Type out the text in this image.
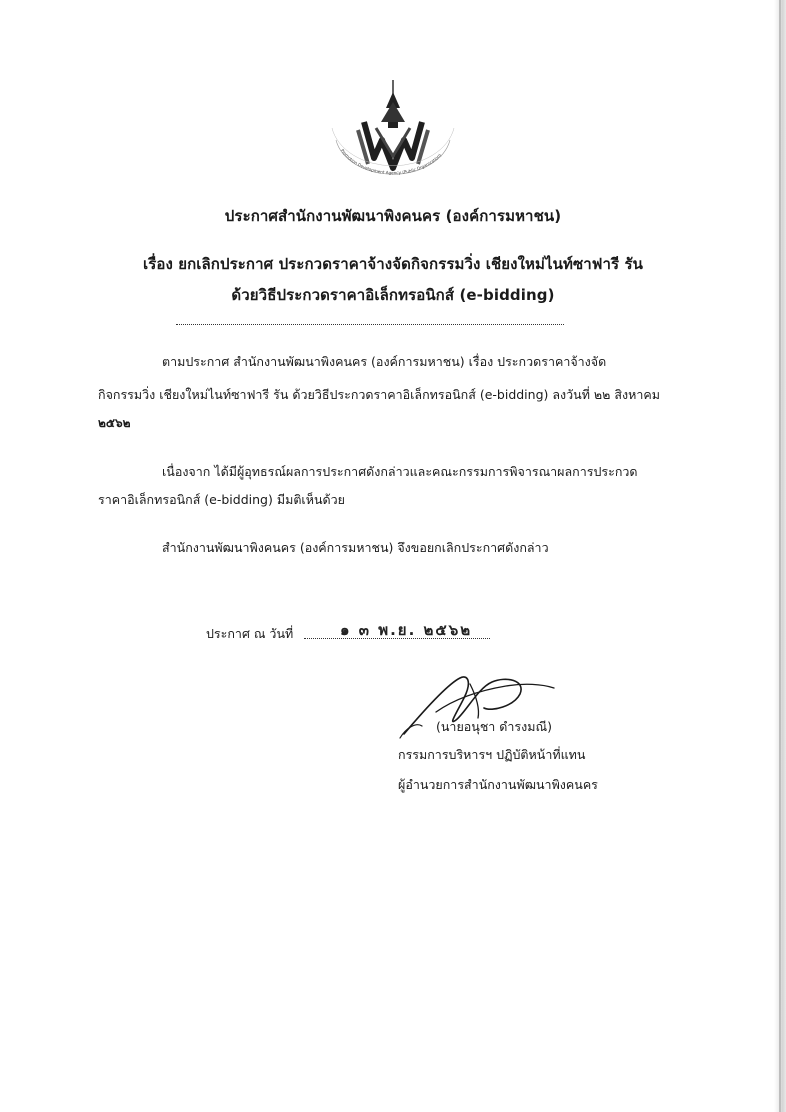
Promotion Development Agency (Public Organization)
ประกาศสำนักงานพัฒนาพิงคนคร (องค์การมหาชน)
เรื่อง ยกเลิกประกาศ ประกวดราคาจ้างจัดกิจกรรมวิ่ง เชียงใหม่ไนท์ซาฟารี รัน
ด้วยวิธีประกวดราคาอิเล็กทรอนิกส์ (e-bidding)
ตามประกาศ สำนักงานพัฒนาพิงคนคร (องค์การมหาชน) เรื่อง ประกวดราคาจ้างจัด
กิจกรรมวิ่ง เชียงใหม่ไนท์ซาฟารี รัน ด้วยวิธีประกวดราคาอิเล็กทรอนิกส์ (e-bidding) ลงวันที่ ๒๒ สิงหาคม
๒๕๖๒
เนื่องจาก ได้มีผู้อุทธรณ์ผลการประกาศดังกล่าวและคณะกรรมการพิจารณาผลการประกวด
ราคาอิเล็กทรอนิกส์ (e-bidding) มีมติเห็นด้วย
สำนักงานพัฒนาพิงคนคร (องค์การมหาชน) จึงขอยกเลิกประกาศดังกล่าว
ประกาศ ณ วันที่	๑ ๓ พ.ย. ๒๕๖๒
(นายอนุชา ดำรงมณี)
กรรมการบริหารฯ ปฏิบัติหน้าที่แทน
ผู้อำนวยการสำนักงานพัฒนาพิงคนคร
